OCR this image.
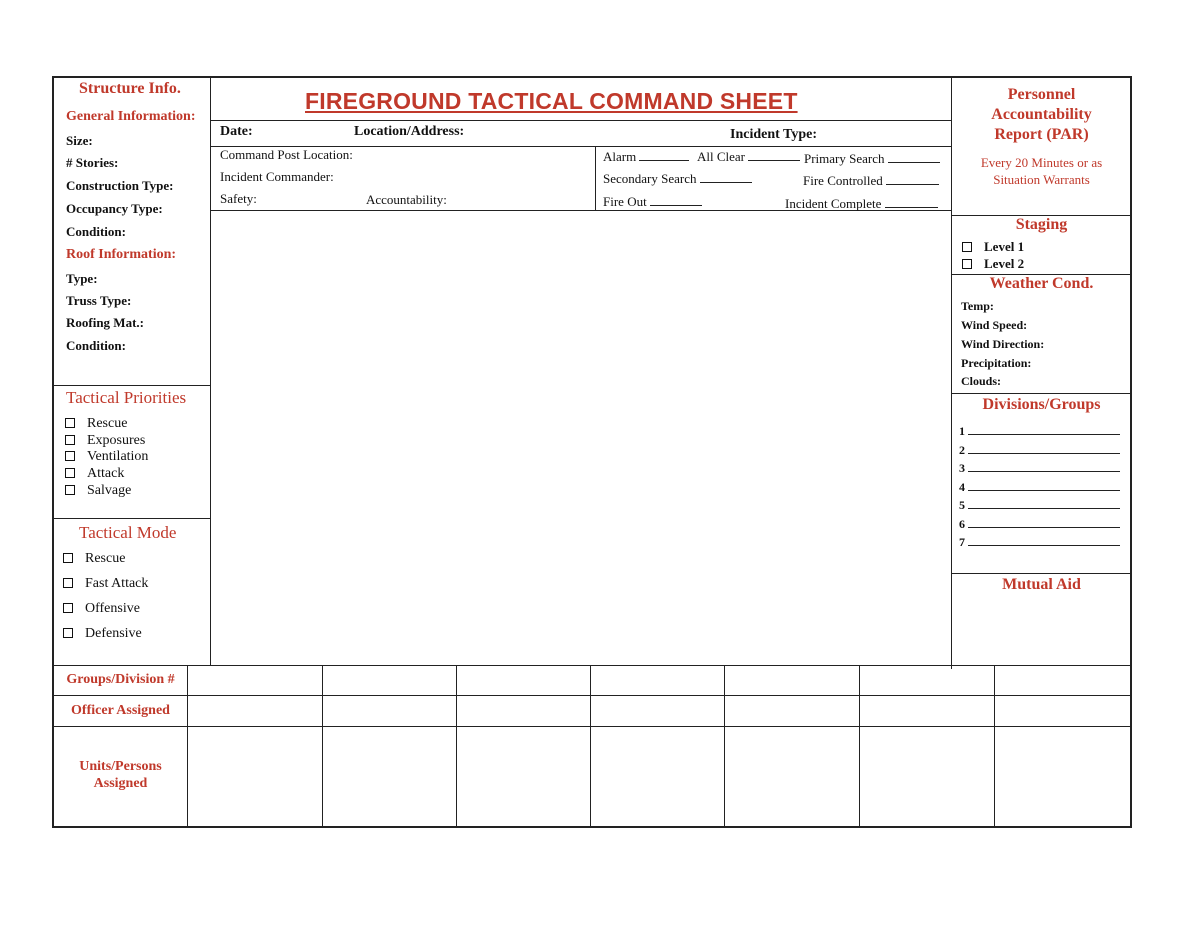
FIREGROUND TACTICAL COMMAND SHEET
Date:	Location/Address:	Incident Type:
Command Post Location:
Incident Commander:
Safety:	Accountability:
Alarm	All Clear	Primary Search
Secondary Search	Fire Controlled
Fire Out	Incident Complete
Structure Info.
General Information:
Size:
# Stories:
Construction Type:
Occupancy Type:
Condition:
Roof Information:
Type:
Truss Type:
Roofing Mat.:
Condition:
Tactical Priorities
Rescue
Exposures
Ventilation
Attack
Salvage
Tactical Mode
Rescue
Fast Attack
Offensive
Defensive
Personnel
Accountability
Report (PAR)
Every 20 Minutes or as
Situation Warrants
Staging
Level 1
Level 2
Weather Cond.
Temp:
Wind Speed:
Wind Direction:
Precipitation:
Clouds:
Divisions/Groups
1
2
3
4
5
6
7
Mutual Aid
Groups/Division #
Officer Assigned
Units/Persons
Assigned
